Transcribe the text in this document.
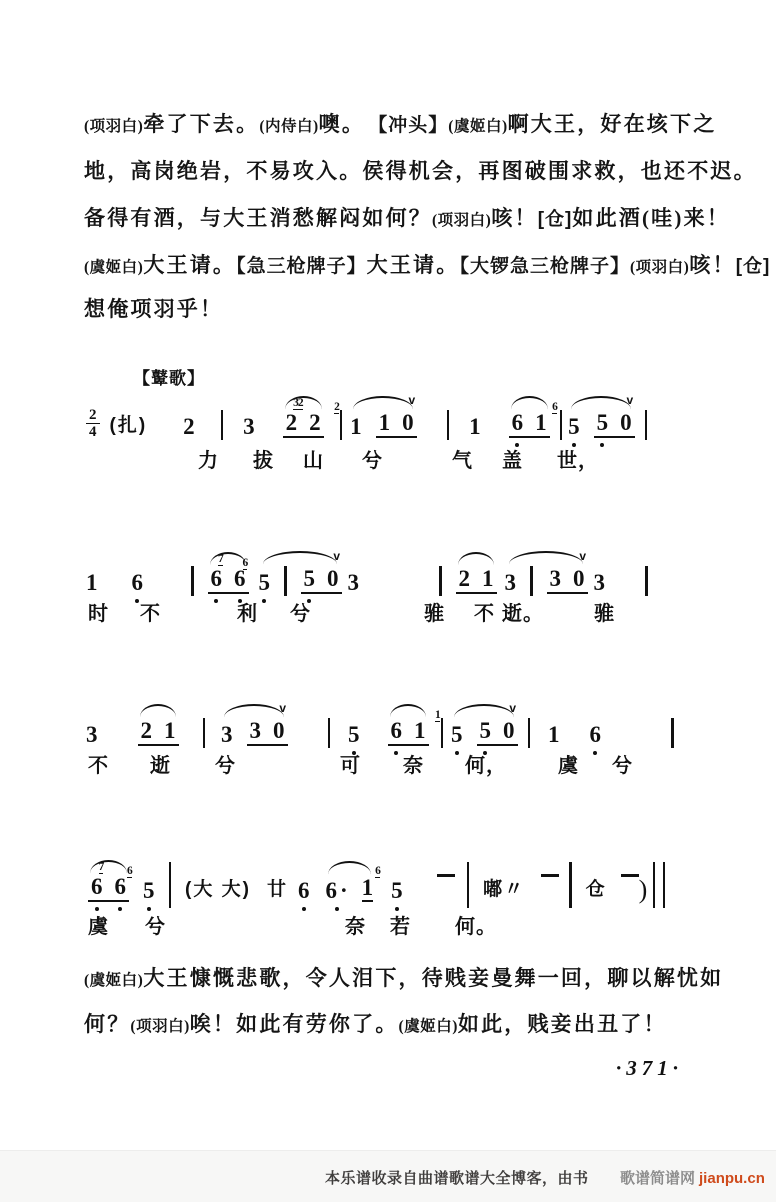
【鼙歌】
(项羽白)牵了下去。(内侍白)噢。　【冲头】(虞姬白)啊大王，好在垓下之
地，高岗绝岩，不易攻入。侯得机会，再图破围求救，也还不迟。
备得有酒，与大王消愁解闷如何？(项羽白)咳！[仓]如此酒(哇)来！
(虞姬白)大王请。【急三枪牌子】大王请。【大锣急三枪牌子】(项羽白)咳！[仓]
想俺项羽乎！
2
4 (扎) 2 3 2
32
2
2
1 1 0
v
1 6 1
6
5 5 0
v
力 拔 山 兮	气 盖 世，
1 6	6
7
6
6
5 5 0
v
3	2 1 3 3 0
v
3
时 不	利 兮	骓 不 逝。	骓
3 2 1 3 3 0
v
5 6 1
1
5 5 0
v
1 6
不 逝 兮	可 奈 何，	虞 兮
6
7
6
6
5 (大 大) 廿 6 6 · 1
6
5	嘟〃	仓 )
虞 兮	奈 若 何。
(虞姬白)大王慷慨悲歌，令人泪下，待贱妾曼舞一回，聊以解忧如
何？(项羽白)唉！如此有劳你了。(虞姬白)如此，贱妾出丑了！
·371·
本乐谱收录自曲谱歌谱大全博客，由书 歌谱简谱网 jianpu.cn
